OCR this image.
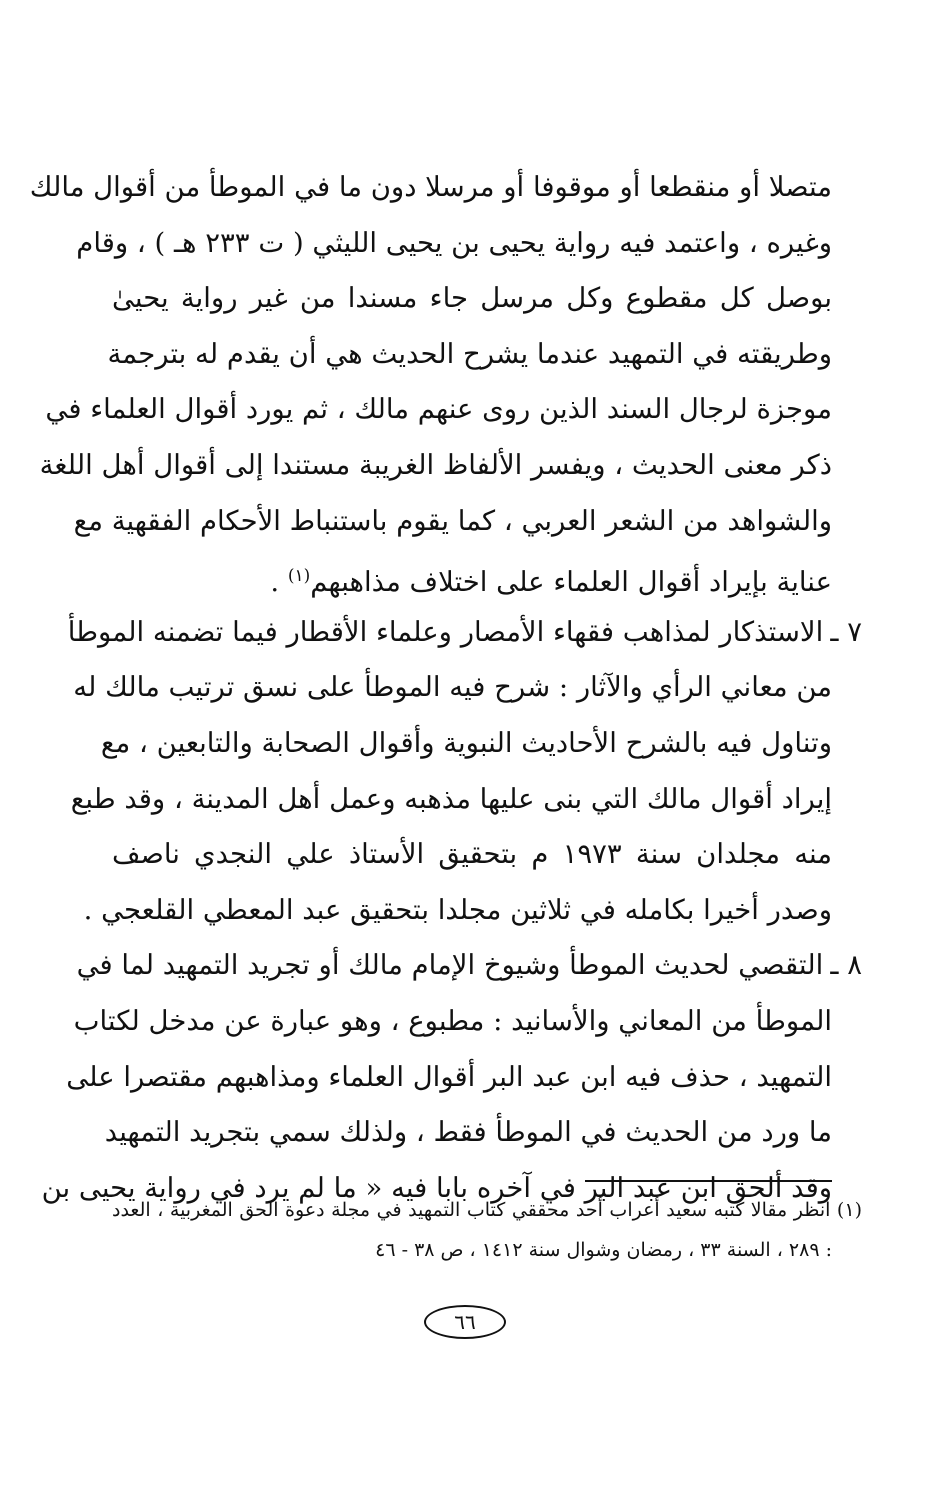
متصلا أو منقطعا أو موقوفا أو مرسلا دون ما في الموطأ من أقوال مالك
وغيره ، واعتمد فيه رواية يحيى بن يحيى الليثي ( ت ٢٣٣ هـ ) ، وقام
بوصل كل مقطوع وكل مرسل جاء مسندا من غير رواية يحيىٰ
وطريقته في التمهيد عندما يشرح الحديث هي أن يقدم له بترجمة
موجزة لرجال السند الذين روى عنهم مالك ، ثم يورد أقوال العلماء في
ذكر معنى الحديث ، ويفسر الألفاظ الغريبة مستندا إلى أقوال أهل اللغة
والشواهد من الشعر العربي ، كما يقوم باستنباط الأحكام الفقهية مع
عناية بإيراد أقوال العلماء على اختلاف مذاهبهم$^{(١)}$ .
٧ ـ الاستذكار لمذاهب فقهاء الأمصار وعلماء الأقطار فيما تضمنه الموطأ
من معاني الرأي والآثار : شرح فيه الموطأ على نسق ترتيب مالك له
وتناول فيه بالشرح الأحاديث النبوية وأقوال الصحابة والتابعين ، مع
إيراد أقوال مالك التي بنى عليها مذهبه وعمل أهل المدينة ، وقد طبع
منه مجلدان سنة ١٩٧٣ م بتحقيق الأستاذ علي النجدي ناصف
وصدر أخيرا بكامله في ثلاثين مجلدا بتحقيق عبد المعطي القلعجي .
٨ ـ التقصي لحديث الموطأ وشيوخ الإمام مالك أو تجريد التمهيد لما في
الموطأ من المعاني والأسانيد : مطبوع ، وهو عبارة عن مدخل لكتاب
التمهيد ، حذف فيه ابن عبد البر أقوال العلماء ومذاهبهم مقتصرا على
ما ورد من الحديث في الموطأ فقط ، ولذلك سمي بتجريد التمهيد
وقد ألحق ابن عبد البر في آخره بابا فيه « ما لم يرد في رواية يحيى بن
(١) انظر مقالا كتبه سعيد أعراب أحد محققي كتاب التمهيد في مجلة دعوة الحق المغربية ، العدد
: ٢٨٩ ، السنة ٣٣ ، رمضان وشوال سنة ١٤١٢ ، ص ٣٨ - ٤٦
٦٦
